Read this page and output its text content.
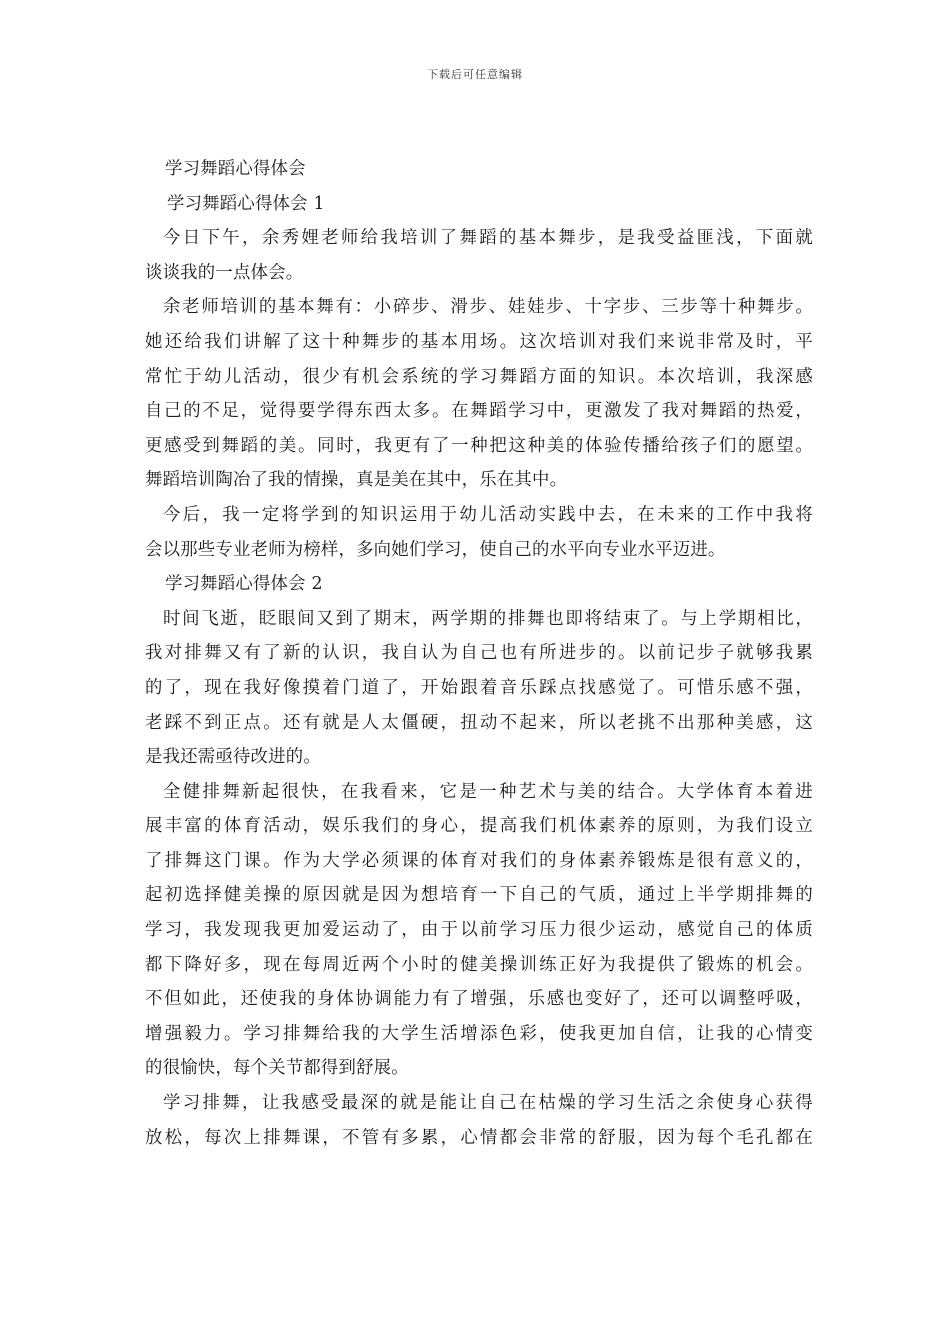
下载后可任意编辑
学习舞蹈心得体会
学习舞蹈心得体会 1
今日下午，余秀娌老师给我培训了舞蹈的基本舞步，是我受益匪浅，下面就
谈谈我的一点体会。
余老师培训的基本舞有：小碎步、滑步、娃娃步、十字步、三步等十种舞步。
她还给我们讲解了这十种舞步的基本用场。这次培训对我们来说非常及时，平
常忙于幼儿活动，很少有机会系统的学习舞蹈方面的知识。本次培训，我深感
自己的不足，觉得要学得东西太多。在舞蹈学习中，更激发了我对舞蹈的热爱，
更感受到舞蹈的美。同时，我更有了一种把这种美的体验传播给孩子们的愿望。
舞蹈培训陶冶了我的情操，真是美在其中，乐在其中。
今后，我一定将学到的知识运用于幼儿活动实践中去，在未来的工作中我将
会以那些专业老师为榜样，多向她们学习，使自己的水平向专业水平迈进。
学习舞蹈心得体会 2
时间飞逝，眨眼间又到了期末，两学期的排舞也即将结束了。与上学期相比，
我对排舞又有了新的认识，我自认为自己也有所进步的。以前记步子就够我累
的了，现在我好像摸着门道了，开始跟着音乐踩点找感觉了。可惜乐感不强，
老踩不到正点。还有就是人太僵硬，扭动不起来，所以老挑不出那种美感，这
是我还需亟待改进的。
全健排舞新起很快，在我看来，它是一种艺术与美的结合。大学体育本着进
展丰富的体育活动，娱乐我们的身心，提高我们机体素养的原则，为我们设立
了排舞这门课。作为大学必须课的体育对我们的身体素养锻炼是很有意义的，
起初选择健美操的原因就是因为想培育一下自己的气质，通过上半学期排舞的
学习，我发现我更加爱运动了，由于以前学习压力很少运动，感觉自己的体质
都下降好多，现在每周近两个小时的健美操训练正好为我提供了锻炼的机会。
不但如此，还使我的身体协调能力有了增强，乐感也变好了，还可以调整呼吸，
增强毅力。学习排舞给我的大学生活增添色彩，使我更加自信，让我的心情变
的很愉快，每个关节都得到舒展。
学习排舞，让我感受最深的就是能让自己在枯燥的学习生活之余使身心获得
放松，每次上排舞课，不管有多累，心情都会非常的舒服，因为每个毛孔都在
